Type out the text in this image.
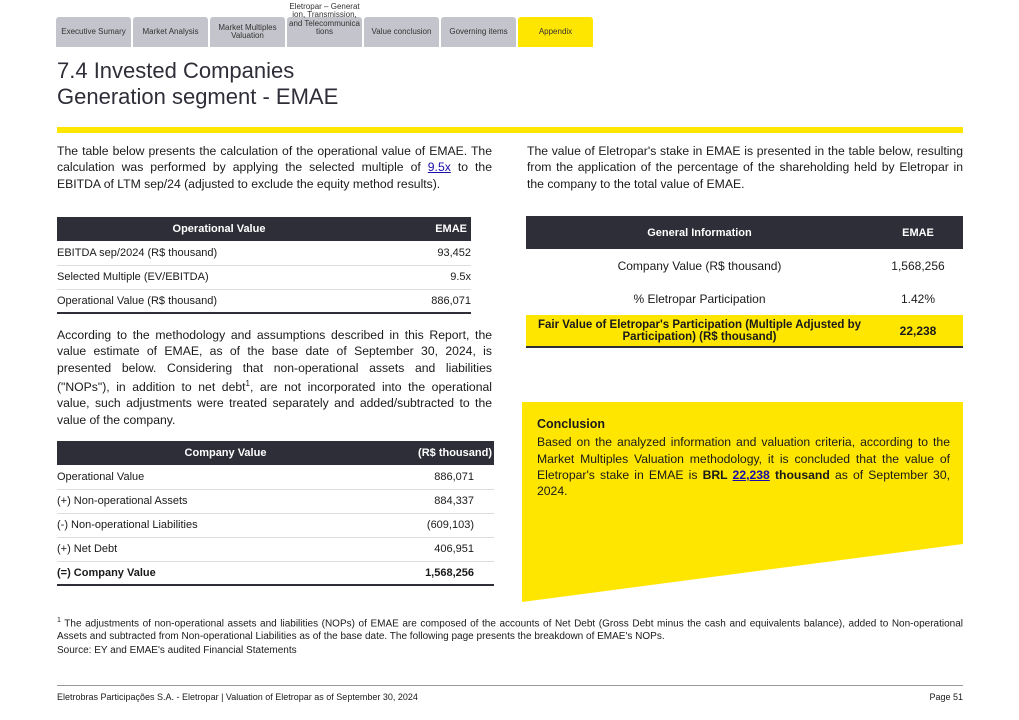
Executive Sumary Market Analysis	Market Multiples Valuation
Eletropar – Generation, Transmission, and Telecommunications	Value conclusion Governing items	Appendix
7.4 Invested Companies
Generation segment - EMAE

The table below presents the calculation of the operational value of EMAE. The calculation was performed by applying the selected multiple of 9.5x to the EBITDA of LTM sep/24 (adjusted to exclude the equity method results).

Operational Value	EMAE
EBITDA sep/2024 (R$ thousand)	93,452
Selected Multiple (EV/EBITDA)	9.5x
Operational Value (R$ thousand)	886,071

According to the methodology and assumptions described in this Report, the value estimate of EMAE, as of the base date of September 30, 2024, is presented below. Considering that non-operational assets and liabilities ("NOPs"), in addition to net debt$^1$, are not incorporated into the operational value, such adjustments were treated separately and added/subtracted to the value of the company.

Company Value	(R$ thousand)
Operational Value	886,071
(+) Non-operational Assets	884,337
(-) Non-operational Liabilities	(609,103)
(+) Net Debt	406,951
(=) Company Value	1,568,256

The value of Eletropar's stake in EMAE is presented in the table below, resulting from the application of the percentage of the shareholding held by Eletropar in the company to the total value of EMAE.

General Information	EMAE
Company Value (R$ thousand)	1,568,256
% Eletropar Participation	1.42%
Fair Value of Eletropar's Participation (Multiple Adjusted by Participation) (R$ thousand)	22,238
Conclusion
Based on the analyzed information and valuation criteria, according to the Market Multiples Valuation methodology, it is concluded that the value of Eletropar's stake in EMAE is BRL 22,238 thousand as of September 30, 2024.

$^1$ The adjustments of non-operational assets and liabilities (NOPs) of EMAE are composed of the accounts of Net Debt (Gross Debt minus the cash and equivalents balance), added to Non-operational Assets and subtracted from Non-operational Liabilities as of the base date. The following page presents the breakdown of EMAE's NOPs.

Source: EY and EMAE's audited Financial Statements

Eletrobras Participações S.A. - Eletropar | Valuation of Eletropar as of September 30, 2024	Page 51
